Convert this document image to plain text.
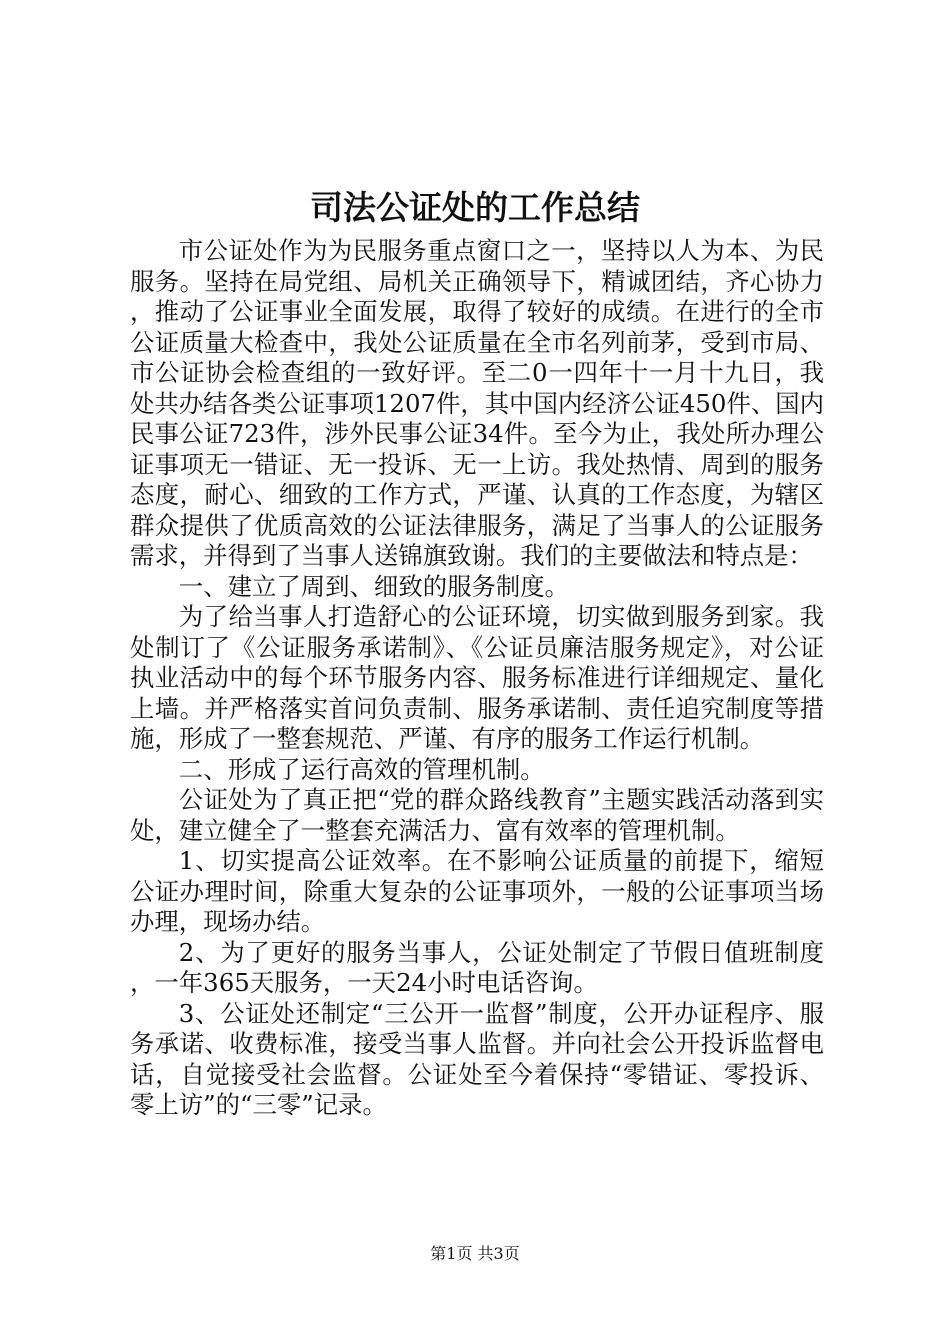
司法公证处的工作总结

市公证处作为为民服务重点窗口之一，坚持以人为本、为民服务。坚持在局党组、局机关正确领导下，精诚团结，齐心协力，推动了公证事业全面发展，取得了较好的成绩。在进行的全市公证质量大检查中，我处公证质量在全市名列前茅，受到市局、市公证协会检查组的一致好评。至二0一四年十一月十九日，我处共办结各类公证事项1207件，其中国内经济公证450件、国内民事公证723件，涉外民事公证34件。至今为止，我处所办理公证事项无一错证、无一投诉、无一上访。我处热情、周到的服务态度，耐心、细致的工作方式，严谨、认真的工作态度，为辖区群众提供了优质高效的公证法律服务，满足了当事人的公证服务需求，并得到了当事人送锦旗致谢。我们的主要做法和特点是：

一、建立了周到、细致的服务制度。

为了给当事人打造舒心的公证环境，切实做到服务到家。我处制订了《公证服务承诺制》、《公证员廉洁服务规定》，对公证执业活动中的每个环节服务内容、服务标准进行详细规定、量化上墙。并严格落实首问负责制、服务承诺制、责任追究制度等措施，形成了一整套规范、严谨、有序的服务工作运行机制。

二、形成了运行高效的管理机制。

公证处为了真正把“党的群众路线教育”主题实践活动落到实处，建立健全了一整套充满活力、富有效率的管理机制。

1、切实提高公证效率。在不影响公证质量的前提下，缩短公证办理时间，除重大复杂的公证事项外，一般的公证事项当场办理，现场办结。

2、为了更好的服务当事人，公证处制定了节假日值班制度，一年365天服务，一天24小时电话咨询。

3、公证处还制定“三公开一监督”制度，公开办证程序、服务承诺、收费标准，接受当事人监督。并向社会公开投诉监督电话，自觉接受社会监督。公证处至今着保持“零错证、零投诉、零上访”的“三零”记录。

第1页 共3页
